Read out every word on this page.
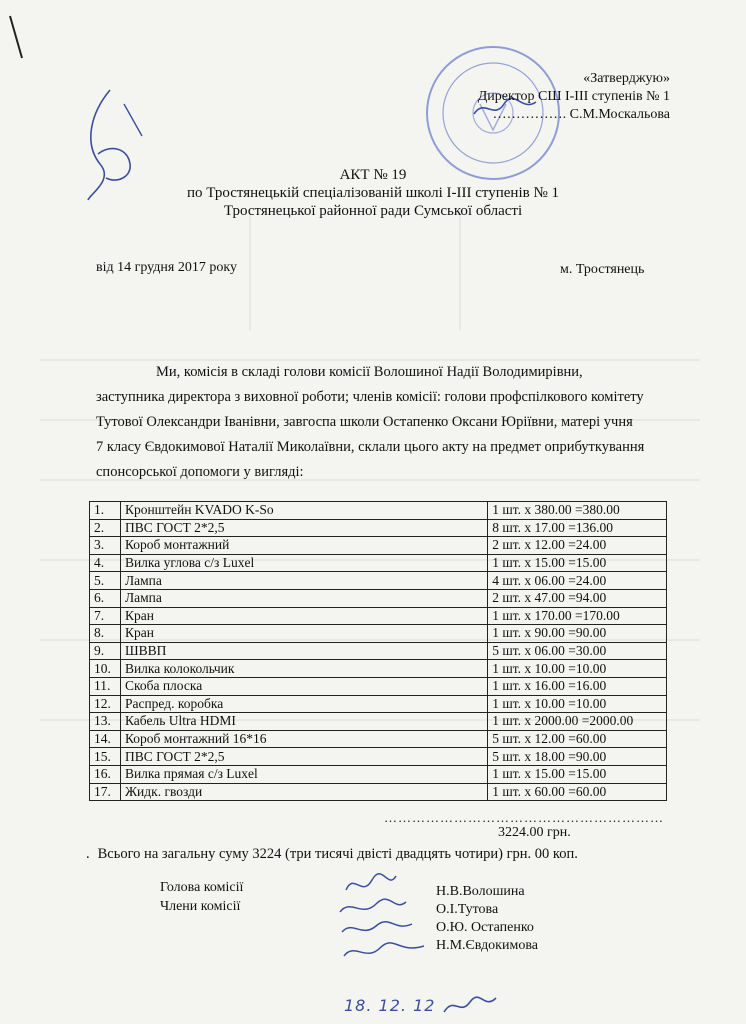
«Затверджую»
Директор СШ І-ІІІ ступенів № 1
……………. С.М.Москальова
АКТ № 19
по Тростянецькій спеціалізованій школі І-ІІІ ступенів № 1
Тростянецької районної ради Сумської області
від 14 грудня 2017 року	м. Тростянець
Ми, комісія в складі голови комісії Волошиної Надії Володимирівни,
заступника директора з виховної роботи; членів комісії: голови профспілкового комітету
Тутової Олександри Іванівни, завгоспа школи Остапенко Оксани Юріївни, матері учня
7 класу Євдокимової Наталії Миколаївни, склали цього акту на предмет оприбуткування
спонсорської допомоги у вигляді:
1.	Кронштейн KVADO K-So	1 шт. х 380.00 =380.00
2.	ПВС ГОСТ 2*2,5	8 шт. х 17.00 =136.00
3.	Короб монтажний	2 шт. х 12.00 =24.00
4.	Вилка углова с/з Luxel	1 шт. х 15.00 =15.00
5.	Лампа	4 шт. х 06.00 =24.00
6.	Лампа	2 шт. х 47.00 =94.00
7.	Кран	1 шт. х 170.00 =170.00
8.	Кран	1 шт. х 90.00 =90.00
9.	ШВВП	5 шт. х 06.00 =30.00
10.	Вилка колокольчик	1 шт. х 10.00 =10.00
11.	Скоба плоска	1 шт. х 16.00 =16.00
12.	Распред. коробка	1 шт. х 10.00 =10.00
13.	Кабель Ultra HDMI	1 шт. х 2000.00 =2000.00
14.	Короб монтажний 16*16	5 шт. х 12.00 =60.00
15.	ПВС ГОСТ 2*2,5	5 шт. х 18.00 =90.00
16.	Вилка прямая с/з Luxel	1 шт. х 15.00 =15.00
17.	Жидк. гвозди	1 шт. х 60.00 =60.00
……………………………………………………
3224.00 грн.
. Всього на загальну суму 3224 (три тисячі двісті двадцять чотири) грн. 00 коп.
Голова комісії
Члени комісії
Н.В.Волошина
О.І.Тутова
О.Ю. Остапенко
Н.М.Євдокимова
18. 12. 12
